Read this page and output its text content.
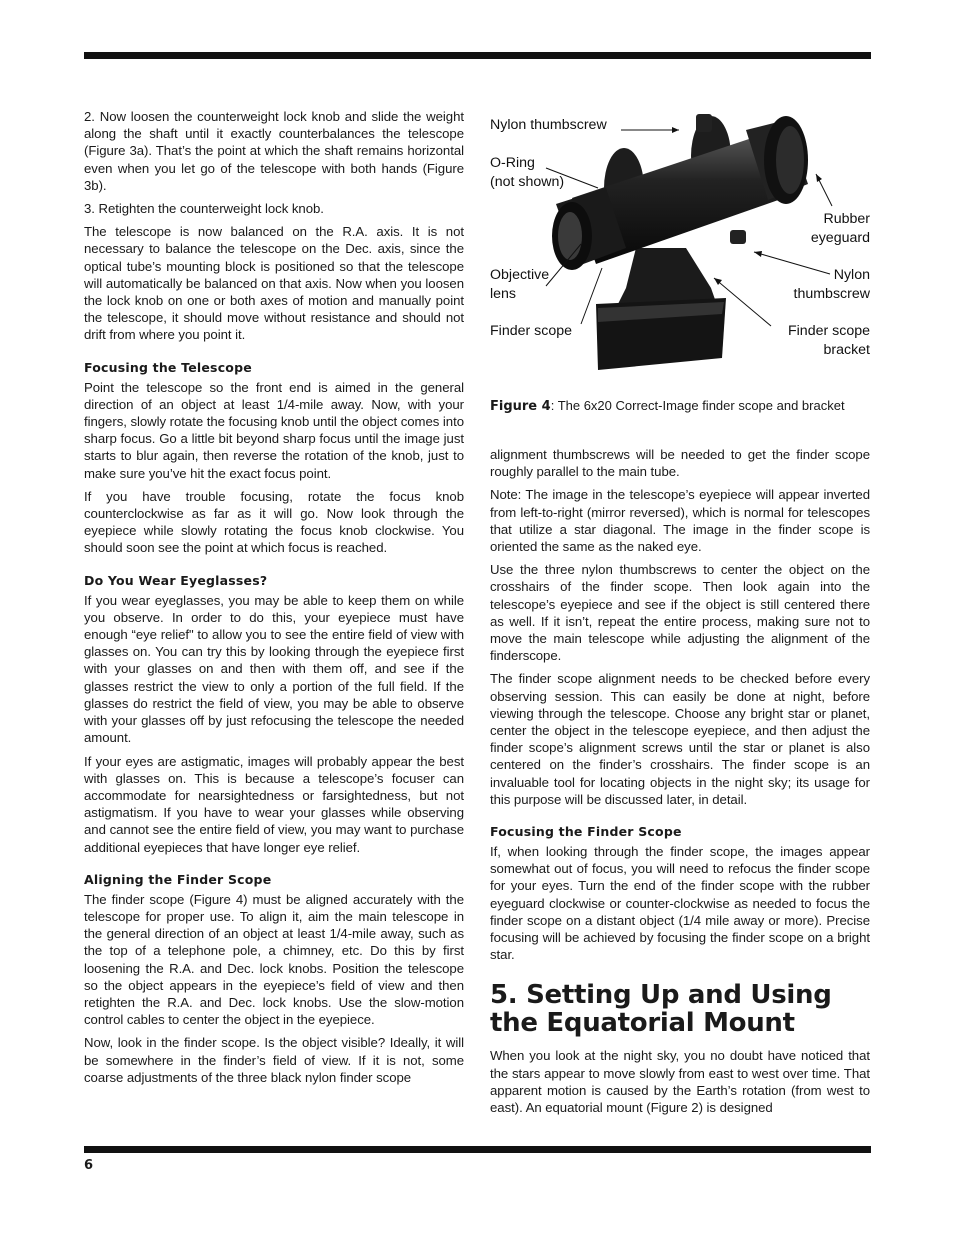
2. Now loosen the counterweight lock knob and slide the weight along the shaft until it exactly counterbalances the telescope (Figure 3a). That’s the point at which the shaft remains horizontal even when you let go of the telescope with both hands (Figure 3b).

3. Retighten the counterweight lock knob.

The telescope is now balanced on the R.A. axis. It is not necessary to balance the telescope on the Dec. axis, since the optical tube’s mounting block is positioned so that the telescope will automatically be balanced on that axis. Now when you loosen the lock knob on one or both axes of motion and manually point the telescope, it should move without resistance and should not drift from where you point it.

Focusing the Telescope

Point the telescope so the front end is aimed in the general direction of an object at least 1/4-mile away. Now, with your fingers, slowly rotate the focusing knob until the object comes into sharp focus. Go a little bit beyond sharp focus until the image just starts to blur again, then reverse the rotation of the knob, just to make sure you’ve hit the exact focus point.

If you have trouble focusing, rotate the focus knob counterclockwise as far as it will go. Now look through the eyepiece while slowly rotating the focus knob clockwise. You should soon see the point at which focus is reached.

Do You Wear Eyeglasses?

If you wear eyeglasses, you may be able to keep them on while you observe. In order to do this, your eyepiece must have enough “eye relief" to allow you to see the entire field of view with glasses on. You can try this by looking through the eyepiece first with your glasses on and then with them off, and see if the glasses restrict the view to only a portion of the full field. If the glasses do restrict the field of view, you may be able to observe with your glasses off by just refocusing the telescope the needed amount.

If your eyes are astigmatic, images will probably appear the best with glasses on. This is because a telescope’s focuser can accommodate for nearsightedness or farsightedness, but not astigmatism. If you have to wear your glasses while observing and cannot see the entire field of view, you may want to purchase additional eyepieces that have longer eye relief.

Aligning the Finder Scope

The finder scope (Figure 4) must be aligned accurately with the telescope for proper use. To align it, aim the main telescope in the general direction of an object at least 1/4-mile away, such as the top of a telephone pole, a chimney, etc. Do this by first loosening the R.A. and Dec. lock knobs. Position the telescope so the object appears in the eyepiece’s field of view and then retighten the R.A. and Dec. lock knobs. Use the slow-motion control cables to center the object in the eyepiece.

Now, look in the finder scope. Is the object visible? Ideally, it will be somewhere in the finder’s field of view. If it is not, some coarse adjustments of the three black nylon finder scope

Nylon thumbscrew
O-Ring
(not shown)
Rubber
eyeguard
Objective
lens
Nylon
thumbscrew
Finder scope	Finder scope
bracket
Figure 4: The 6x20 Correct-Image finder scope and bracket

alignment thumbscrews will be needed to get the finder scope roughly parallel to the main tube.

Note: The image in the telescope’s eyepiece will appear inverted from left-to-right (mirror reversed), which is normal for telescopes that utilize a star diagonal. The image in the finder scope is oriented the same as the naked eye.

Use the three nylon thumbscrews to center the object on the crosshairs of the finder scope. Then look again into the telescope’s eyepiece and see if the object is still centered there as well. If it isn’t, repeat the entire process, making sure not to move the main telescope while adjusting the alignment of the finderscope.

The finder scope alignment needs to be checked before every observing session. This can easily be done at night, before viewing through the telescope. Choose any bright star or planet, center the object in the telescope eyepiece, and then adjust the finder scope’s alignment screws until the star or planet is also centered on the finder’s crosshairs. The finder scope is an invaluable tool for locating objects in the night sky; its usage for this purpose will be discussed later, in detail.

Focusing the Finder Scope

If, when looking through the finder scope, the images appear somewhat out of focus, you will need to refocus the finder scope for your eyes. Turn the end of the finder scope with the rubber eyeguard clockwise or counter-clockwise as needed to focus the finder scope on a distant object (1/4 mile away or more). Precise focusing will be achieved by focusing the finder scope on a bright star.

5. Setting Up and Using the Equatorial Mount

When you look at the night sky, you no doubt have noticed that the stars appear to move slowly from east to west over time. That apparent motion is caused by the Earth’s rotation (from west to east). An equatorial mount (Figure 2) is designed

6
